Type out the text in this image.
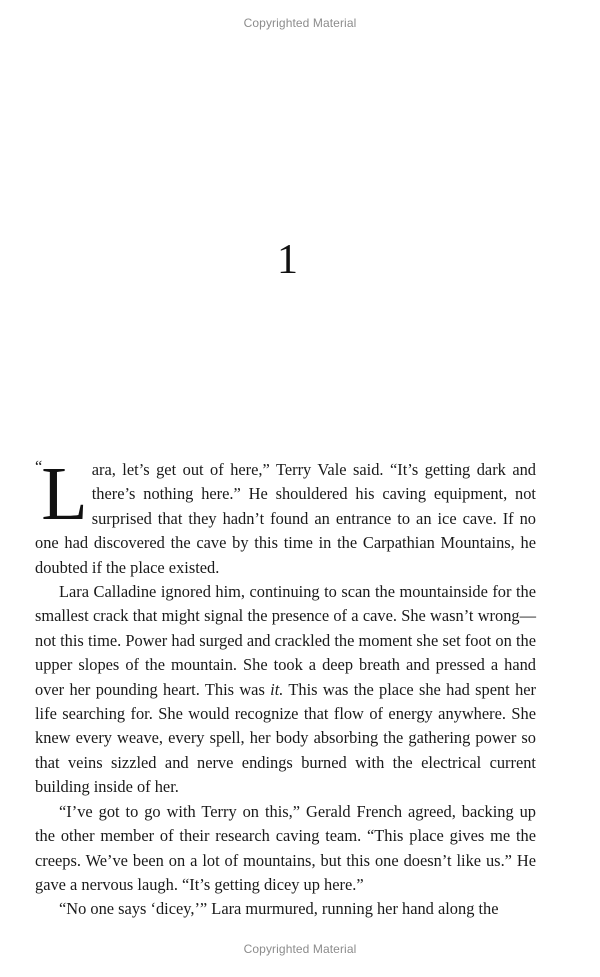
Copyrighted Material
1

“ L ara, let’s get out of here,” Terry Vale said. “It’s getting dark and there’s nothing here.” He shouldered his caving equipment, not surprised that they hadn’t found an entrance to an ice cave. If no one had discovered the cave by this time in the Carpathian Mountains, he doubted if the place existed.

Lara Calladine ignored him, continuing to scan the mountainside for the smallest crack that might signal the presence of a cave. She wasn’t wrong—not this time. Power had surged and crackled the moment she set foot on the upper slopes of the mountain. She took a deep breath and pressed a hand over her pounding heart. This was it. This was the place she had spent her life searching for. She would recognize that flow of energy anywhere. She knew every weave, every spell, her body absorbing the gathering power so that veins sizzled and nerve endings burned with the electrical current building inside of her.

“I’ve got to go with Terry on this,” Gerald French agreed, backing up the other member of their research caving team. “This place gives me the creeps. We’ve been on a lot of mountains, but this one doesn’t like us.” He gave a nervous laugh. “It’s getting dicey up here.”

“No one says ‘dicey,’” Lara murmured, running her hand along the

Copyrighted Material
